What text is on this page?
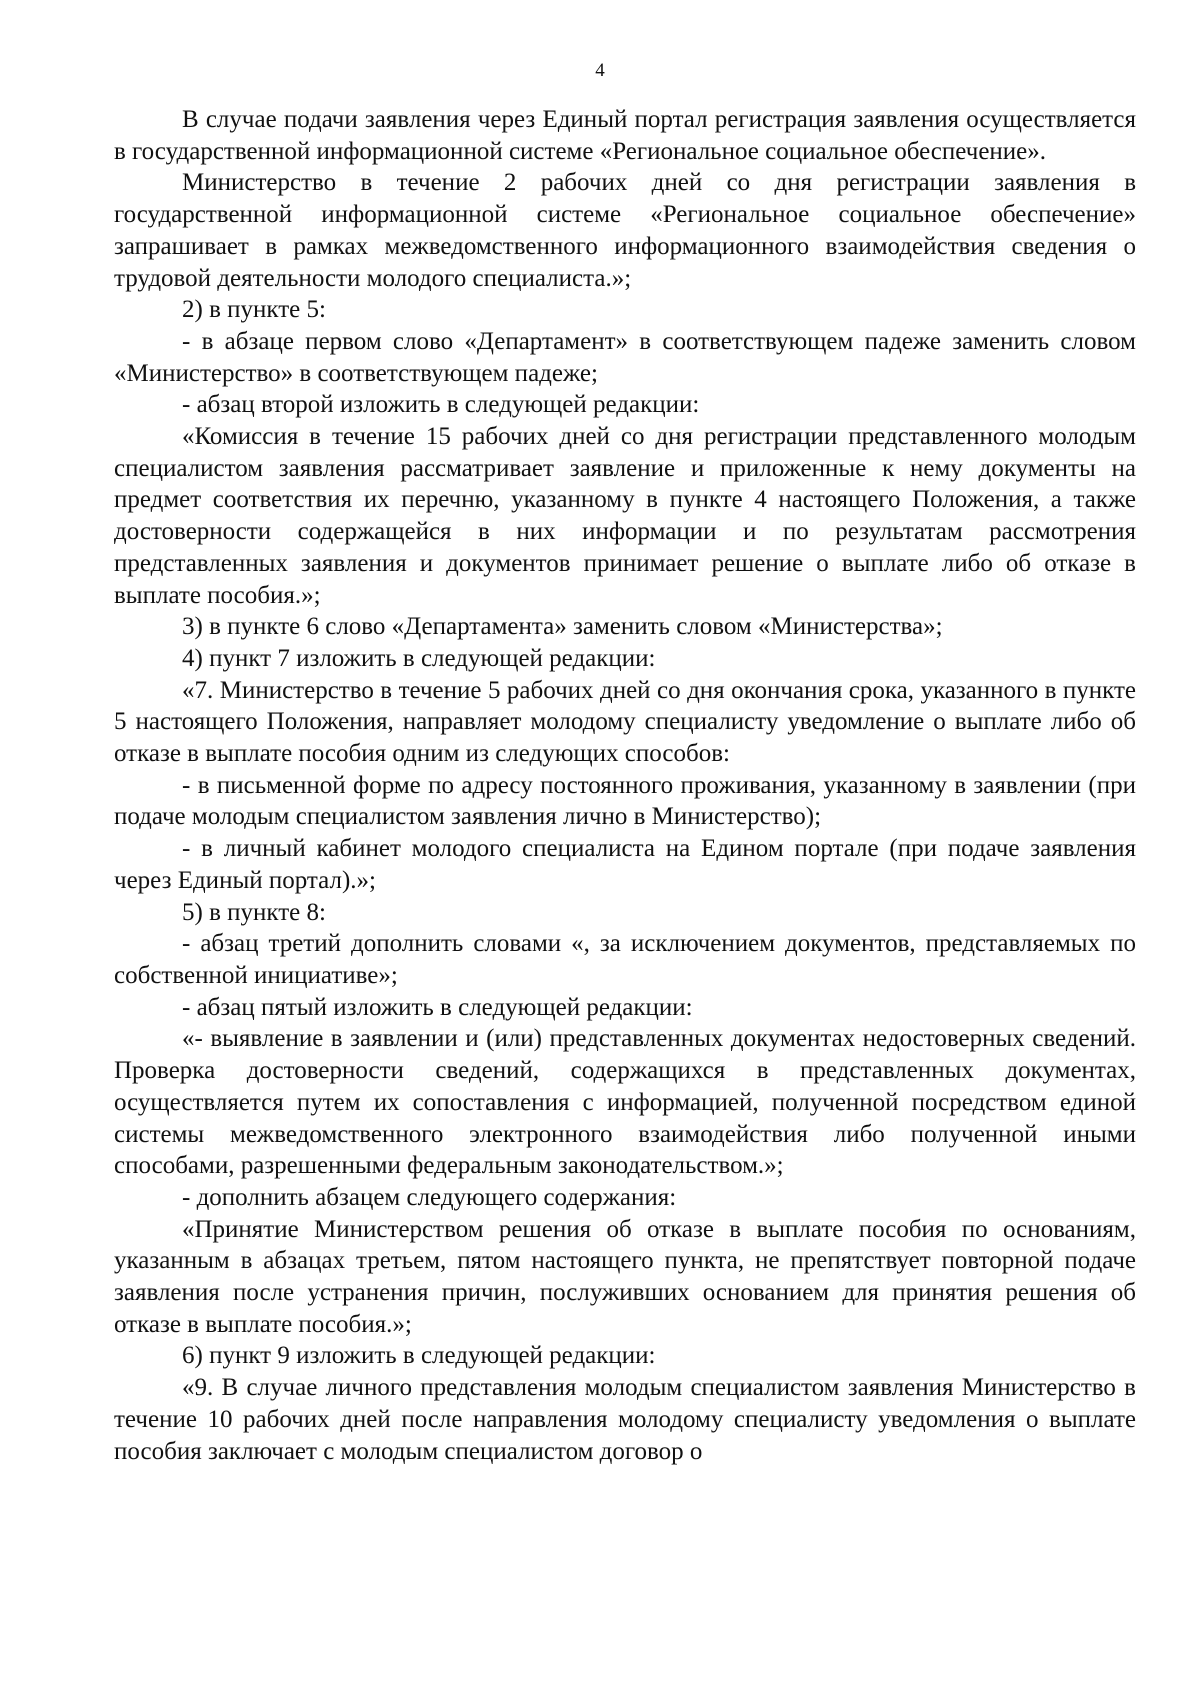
4

В случае подачи заявления через Единый портал регистрация заявления осуществляется в государственной информационной системе «Региональное социальное обеспечение».

Министерство в течение 2 рабочих дней со дня регистрации заявления в государственной информационной системе «Региональное социальное обеспечение» запрашивает в рамках межведомственного информационного взаимодействия сведения о трудовой деятельности молодого специалиста.»;

2) в пункте 5:

- в абзаце первом слово «Департамент» в соответствующем падеже заменить словом «Министерство» в соответствующем падеже;

- абзац второй изложить в следующей редакции:

«Комиссия в течение 15 рабочих дней со дня регистрации представленного молодым специалистом заявления рассматривает заявление и приложенные к нему документы на предмет соответствия их перечню, указанному в пункте 4 настоящего Положения, а также достоверности содержащейся в них информации и по результатам рассмотрения представленных заявления и документов принимает решение о выплате либо об отказе в выплате пособия.»;

3) в пункте 6 слово «Департамента» заменить словом «Министерства»;

4) пункт 7 изложить в следующей редакции:

«7. Министерство в течение 5 рабочих дней со дня окончания срока, указанного в пункте 5 настоящего Положения, направляет молодому специалисту уведомление о выплате либо об отказе в выплате пособия одним из следующих способов:

- в письменной форме по адресу постоянного проживания, указанному в заявлении (при подаче молодым специалистом заявления лично в Министерство);

- в личный кабинет молодого специалиста на Едином портале (при подаче заявления через Единый портал).»;

5) в пункте 8:

- абзац третий дополнить словами «, за исключением документов, представляемых по собственной инициативе»;

- абзац пятый изложить в следующей редакции:

«- выявление в заявлении и (или) представленных документах недостоверных сведений. Проверка достоверности сведений, содержащихся в представленных документах, осуществляется путем их сопоставления с информацией, полученной посредством единой системы межведомственного электронного взаимодействия либо полученной иными способами, разрешенными федеральным законодательством.»;

- дополнить абзацем следующего содержания:

«Принятие Министерством решения об отказе в выплате пособия по основаниям, указанным в абзацах третьем, пятом настоящего пункта, не препятствует повторной подаче заявления после устранения причин, послуживших основанием для принятия решения об отказе в выплате пособия.»;

6) пункт 9 изложить в следующей редакции:

«9. В случае личного представления молодым специалистом заявления Министерство в течение 10 рабочих дней после направления молодому специалисту уведомления о выплате пособия заключает с молодым специалистом договор о
